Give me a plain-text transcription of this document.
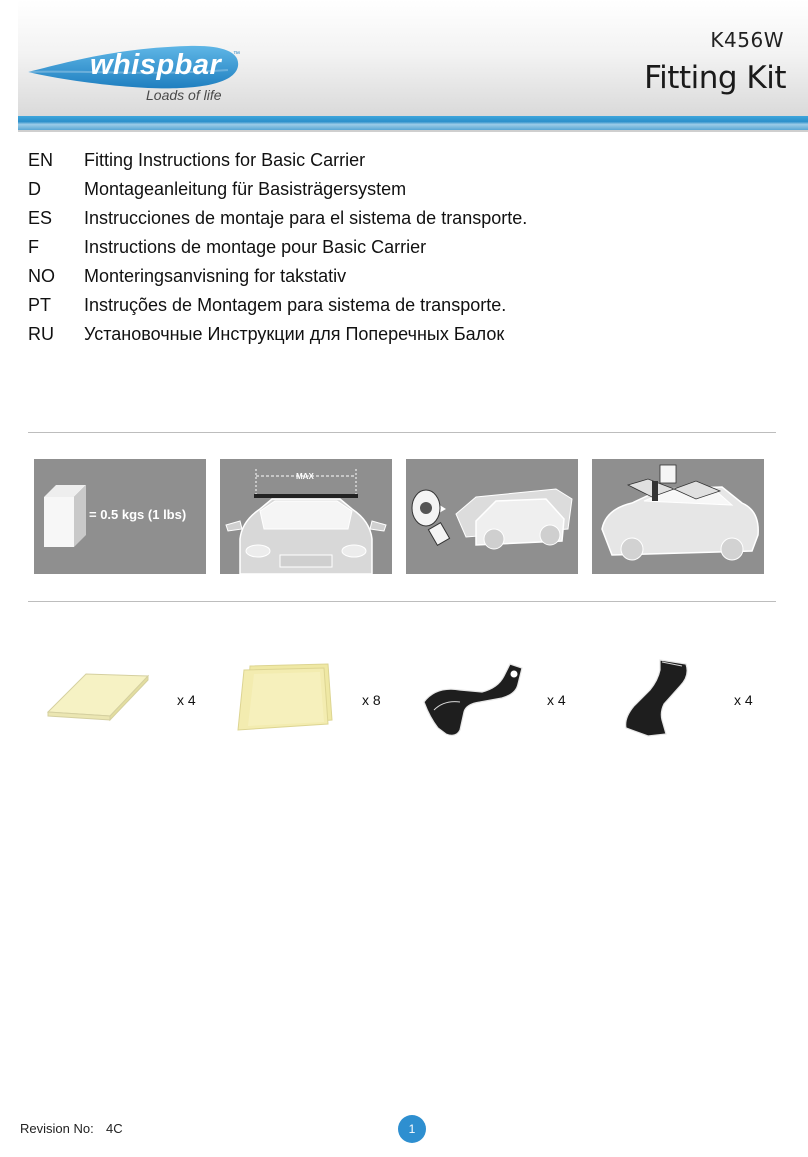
whispbar ™
Loads of life
K456W
Fitting Kit
EN	Fitting Instructions for Basic Carrier
D	Montageanleitung für Basisträgersystem
ES	Instrucciones de montaje para el sistema de transporte.
F	Instructions de montage pour Basic Carrier
NO	Monteringsanvisning for takstativ
PT	Instruções de Montagem para sistema de transporte.
RU	Установочные Инструкции для Поперечных Балок
= 0.5 kgs (1 lbs)
MAX
x 4	x 8	x 4	x 4
Revision No: 4C	1
